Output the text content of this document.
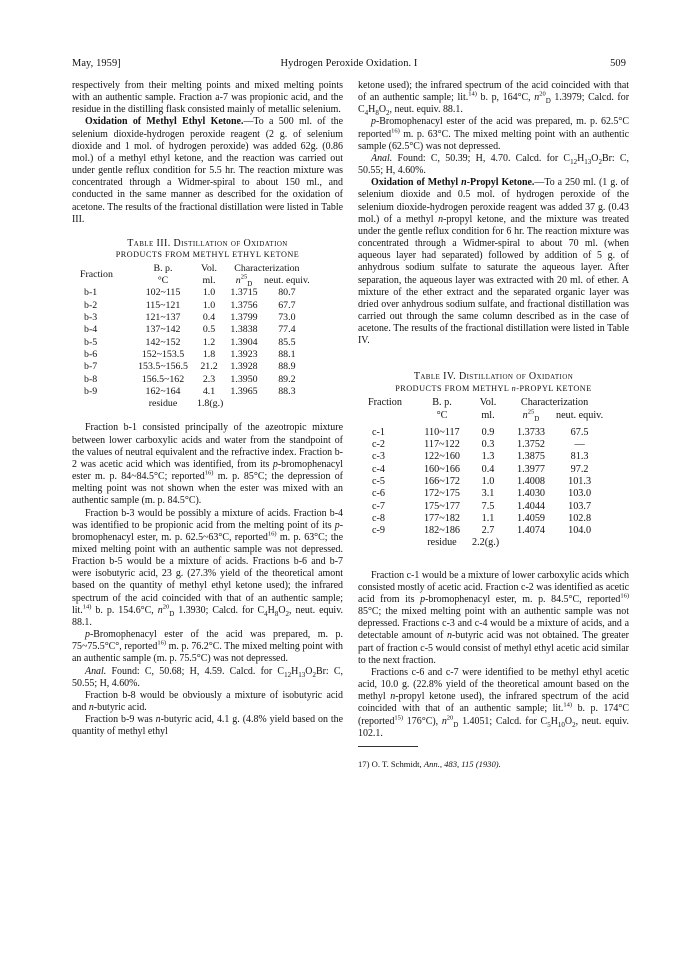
May, 1959]	Hydrogen Peroxide Oxidation. I	509

respectively from their melting points and mixed melting points with an authentic sample. Fraction a-7 was propionic acid, and the residue in the distilling flask consisted mainly of metallic selenium.

Oxidation of Methyl Ethyl Ketone.—To a 500 ml. of the selenium dioxide-hydrogen peroxide reagent (2 g. of selenium dioxide and 1 mol. of hydrogen peroxide) was added 62g. (0.86 mol.) of a methyl ethyl ketone, and the reaction was carried out under gentle reflux condition for 5.5 hr. The reaction mixture was concentrated through a Widmer-spiral to about 150 ml., and conducted in the same manner as described for the oxidation of acetone. The results of the fractional distillation were listed in Table III.

Table III. Distillation of Oxidation
PRODUCTS FROM METHYL ETHYL KETONE
Fraction	B. p.	Vol.	Characterization	
	°C	ml.	$n^{25}_D$	neut. equiv.
b-1	102~115	1.0	1.3715	80.7
b-2	115~121	1.0	1.3756	67.7
b-3	121~137	0.4	1.3799	73.0
b-4	137~142	0.5	1.3838	77.4
b-5	142~152	1.2	1.3904	85.5
b-6	152~153.5	1.8	1.3923	88.1
b-7	153.5~156.5	21.2	1.3928	88.9
b-8	156.5~162	2.3	1.3950	89.2
b-9	162~164	4.1	1.3965	88.3
	residue	1.8(g.)		

Fraction b-1 consisted principally of the azeotropic mixture between lower carboxylic acids and water from the standpoint of the values of neutral equivalent and the refractive index. Fraction b-2 was acetic acid which was identified, from its p-bromophenacyl ester m. p. 84~84.5°C; reported$^{16)}$ m. p. 85°C; the depression of melting point was not shown when the ester was mixed with an authentic sample (m. p. 84.5°C).

Fraction b-3 would be possibly a mixture of acids. Fraction b-4 was identified to be propionic acid from the melting point of its p-bromophenacyl ester, m. p. 62.5~63°C, reported$^{16)}$ m. p. 63°C; the mixed melting point with an authentic sample was not depressed. Fraction b-5 would be a mixture of acids. Fractions b-6 and b-7 were isobutyric acid, 23 g. (27.3% yield of the theoretical amont based on the quantity of methyl ethyl ketone used); the infrared spectrum of the acid coincided with that of an authentic sample; lit.$^{14)}$ b. p. 154.6°C, $n^{20}_D$ 1.3930; Calcd. for $C_4H_8O_2$, neut. equiv. 88.1.

p-Bromophenacyl ester of the acid was prepared, m. p. 75~75.5°C°, reported$^{16)}$ m. p. 76.2°C. The mixed melting point with an authentic sample (m. p. 75.5°C) was not depressed.

Anal. Found: C, 50.68; H, 4.59. Calcd. for $C_{12}H_{13}O_2Br$: C, 50.55; H, 4.60%.

Fraction b-8 would be obviously a mixture of isobutyric acid and n-butyric acid.

Fraction b-9 was n-butyric acid, 4.1 g. (4.8% yield based on the quantity of methyl ethyl

ketone used); the infrared spectrum of the acid coincided with that of an authentic sample; lit.$^{14)}$ b. p, 164°C, $n^{20}_D$ 1.3979; Calcd. for $C_4H_8O_2$, neut. equiv. 88.1.

p-Bromophenacyl ester of the acid was prepared, m. p. 62.5°C reported$^{16)}$ m. p. 63°C. The mixed melting point with an authentic sample (62.5°C) was not depressed.

Anal. Found: C, 50.39; H, 4.70. Calcd. for $C_{12}H_{13}O_2Br$: C, 50.55; H, 4.60%.

Oxidation of Methyl n-Propyl Ketone.—To a 250 ml. (1 g. of selenium dioxide and 0.5 mol. of hydrogen peroxide of the selenium dioxide-hydrogen peroxide reagent was added 37 g. (0.43 mol.) of a methyl n-propyl ketone, and the mixture was treated under the gentle reflux condition for 6 hr. The reaction mixture was concentrated through a Widmer-spiral to about 70 ml. (when aqueous layer had separated) followed by addition of 5 g. of anhydrous sodium sulfate to saturate the aqueous layer. After separation, the aqueous layer was extracted with 20 ml. of ether. A mixture of the ether extract and the separated organic layer was dried over anhydrous sodium sulfate, and fractional distillation was carried out through the same column described as in the case of acetone. The results of the fractional distillation were listed in Table IV.

Table IV. Distillation of Oxidation
PRODUCTS FROM METHYL n-PROPYL KETONE
Fraction	B. p.	Vol.	Characterization	
	°C	ml.	$n^{25}_D$	neut. equiv.
c-1	110~117	0.9	1.3733	67.5
c-2	117~122	0.3	1.3752	—
c-3	122~160	1.3	1.3875	81.3
c-4	160~166	0.4	1.3977	97.2
c-5	166~172	1.0	1.4008	101.3
c-6	172~175	3.1	1.4030	103.0
c-7	175~177	7.5	1.4044	103.7
c-8	177~182	1.1	1.4059	102.8
c-9	182~186	2.7	1.4074	104.0
	residue	2.2(g.)		

Fraction c-1 would be a mixture of lower carboxylic acids which consisted mostly of acetic acid. Fraction c-2 was identified as acetic acid from its p-bromophenacyl ester, m. p. 84.5°C, reported$^{16)}$ 85°C; the mixed melting point with an authentic sample was not depressed. Fractions c-3 and c-4 would be a mixture of acids, and a detectable amount of n-butyric acid was not obtained. The greater part of fraction c-5 would consist of methyl ethyl acetic acid similar to the next fraction.

Fractions c-6 and c-7 were identified to be methyl ethyl acetic acid, 10.0 g. (22.8% yield of the theoretical amount based on the methyl n-propyl ketone used), the infrared spectrum of the acid coincided with that of an authentic sample; lit.$^{14)}$ b. p. 174°C (reported$^{15)}$ 176°C), $n^{20}_D$ 1.4051; Calcd. for $C_5H_{10}O_2$, neut. equiv. 102.1.

17) O. T. Schmidt, Ann., 483, 115 (1930).
